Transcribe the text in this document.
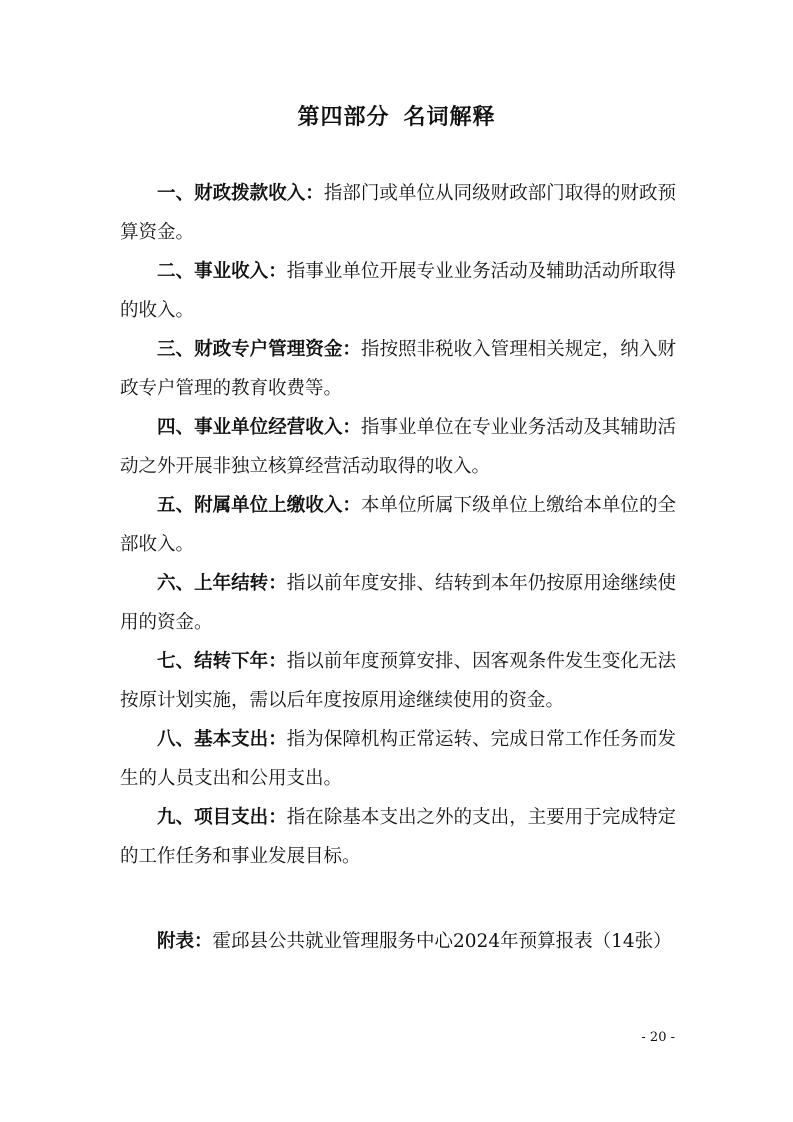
第四部分 名词解释

一、财政拨款收入：指部门或单位从同级财政部门取得的财政预算资金。

二、事业收入：指事业单位开展专业业务活动及辅助活动所取得的收入。

三、财政专户管理资金：指按照非税收入管理相关规定，纳入财政专户管理的教育收费等。

四、事业单位经营收入：指事业单位在专业业务活动及其辅助活动之外开展非独立核算经营活动取得的收入。

五、附属单位上缴收入：本单位所属下级单位上缴给本单位的全部收入。

六、上年结转：指以前年度安排、结转到本年仍按原用途继续使用的资金。

七、结转下年：指以前年度预算安排、因客观条件发生变化无法按原计划实施，需以后年度按原用途继续使用的资金。

八、基本支出：指为保障机构正常运转、完成日常工作任务而发生的人员支出和公用支出。

九、项目支出：指在除基本支出之外的支出，主要用于完成特定的工作任务和事业发展目标。

附表：霍邱县公共就业管理服务中心2024年预算报表（14张）

- 20 -
